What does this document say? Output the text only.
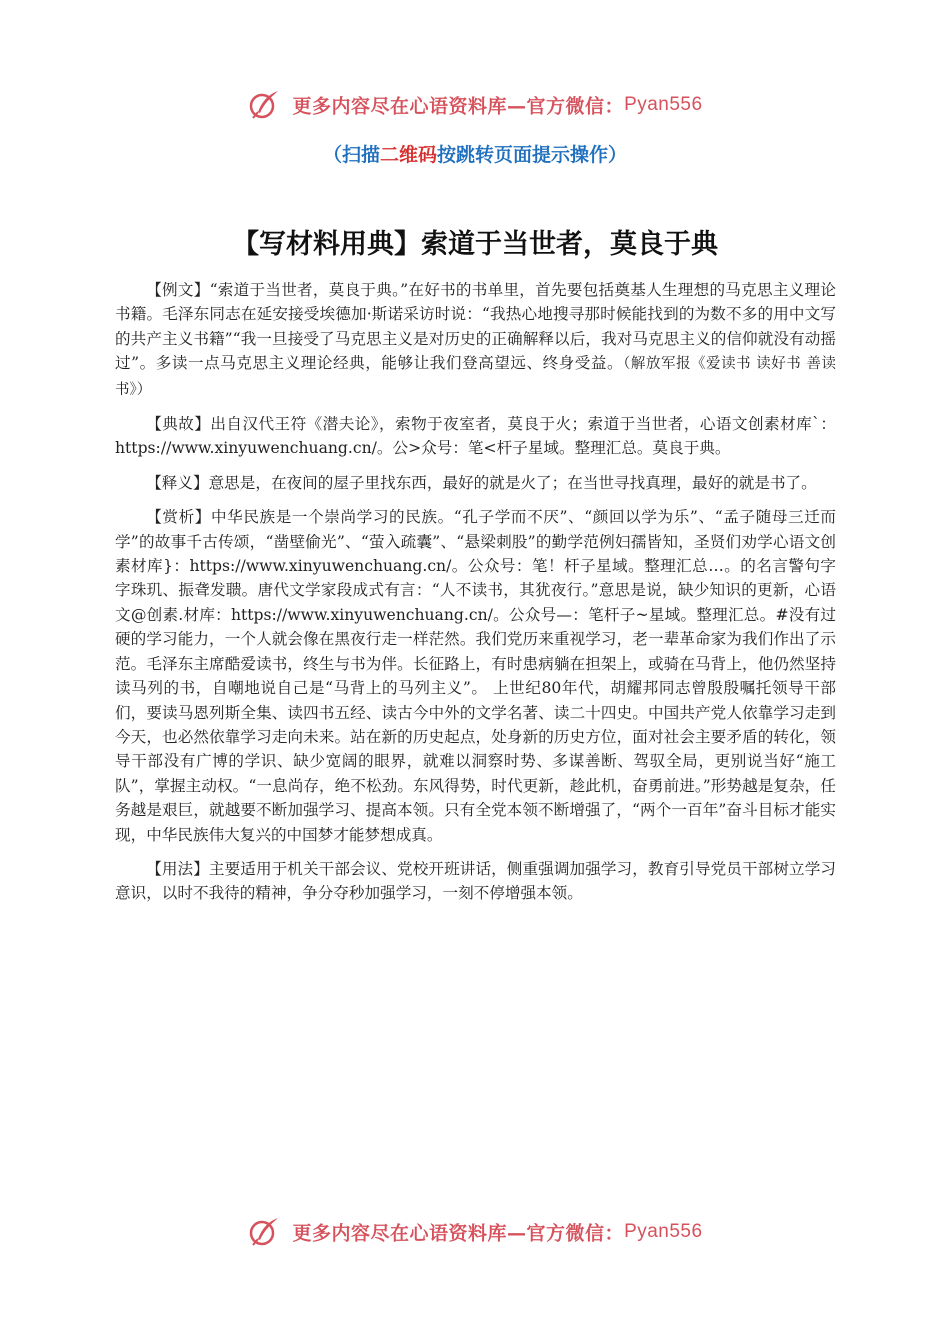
更多内容尽在心语资料库—官方微信：Pyan556
（扫描二维码按跳转页面提示操作）
【写材料用典】索道于当世者，莫良于典

【例文】“索道于当世者，莫良于典。”在好书的书单里，首先要包括奠基人生理想的马克思主义理论书籍。毛泽东同志在延安接受埃德加·斯诺采访时说：“我热心地搜寻那时候能找到的为数不多的用中文写的共产主义书籍”“我一旦接受了马克思主义是对历史的正确解释以后，我对马克思主义的信仰就没有动摇过”。多读一点马克思主义理论经典，能够让我们登高望远、终身受益。（解放军报《爱读书 读好书 善读书》）

【典故】出自汉代王符《潜夫论》，索物于夜室者，莫良于火；索道于当世者，心语文创素材库`：https://www.xinyuwenchuang.cn/。公>众号：笔<杆子星域。整理汇总。莫良于典。

【释义】意思是，在夜间的屋子里找东西，最好的就是火了；在当世寻找真理，最好的就是书了。

【赏析】中华民族是一个崇尚学习的民族。“孔子学而不厌”、“颜回以学为乐”、“孟子随母三迁而学”的故事千古传颂，“凿壁偷光”、“萤入疏囊”、“悬梁刺股”的勤学范例妇孺皆知，圣贤们劝学心语文创素材库}：https://www.xinyuwenchuang.cn/。公众号：笔！杆子星域。整理汇总…。的名言警句字字珠玑、振聋发聩。唐代文学家段成式有言：“人不读书，其犹夜行。”意思是说，缺少知识的更新，心语文@创素.材库：https://www.xinyuwenchuang.cn/。公众号—：笔杆子~星域。整理汇总。#没有过硬的学习能力，一个人就会像在黑夜行走一样茫然。我们党历来重视学习，老一辈革命家为我们作出了示范。毛泽东主席酷爱读书，终生与书为伴。长征路上，有时患病躺在担架上，或骑在马背上，他仍然坚持读马列的书，自嘲地说自己是“马背上的马列主义”。 上世纪80年代，胡耀邦同志曾殷殷嘱托领导干部们，要读马恩列斯全集、读四书五经、读古今中外的文学名著、读二十四史。中国共产党人依靠学习走到今天，也必然依靠学习走向未来。站在新的历史起点，处身新的历史方位，面对社会主要矛盾的转化，领导干部没有广博的学识、缺少宽阔的眼界，就难以洞察时势、多谋善断、驾驭全局，更别说当好“施工队”，掌握主动权。“一息尚存，绝不松劲。东风得势，时代更新，趁此机，奋勇前进。”形势越是复杂，任务越是艰巨，就越要不断加强学习、提高本领。只有全党本领不断增强了，“两个一百年”奋斗目标才能实现，中华民族伟大复兴的中国梦才能梦想成真。

【用法】主要适用于机关干部会议、党校开班讲话，侧重强调加强学习，教育引导党员干部树立学习意识，以时不我待的精神，争分夺秒加强学习，一刻不停增强本领。

更多内容尽在心语资料库—官方微信：Pyan556
